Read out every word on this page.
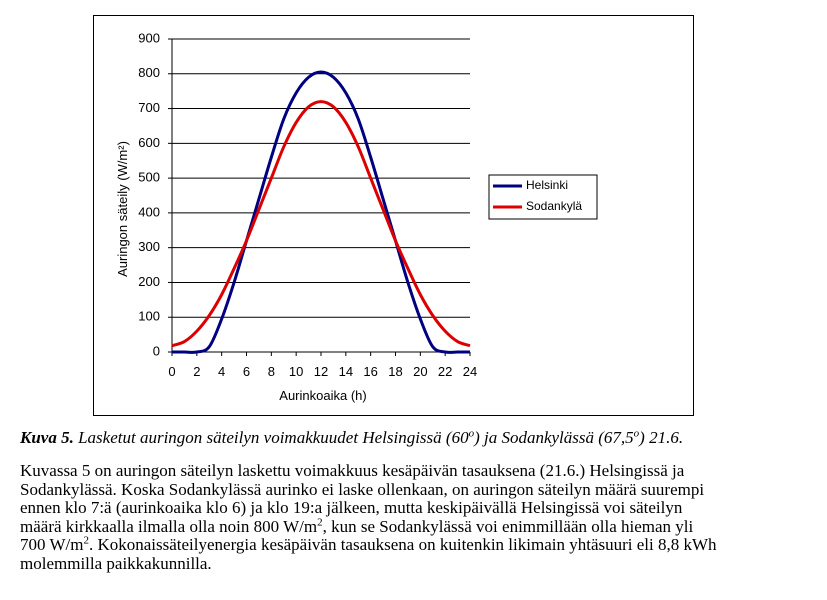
0
100
200
300
400
500
600
700
800
900
0 2 4 6 8 10 12 14 16 18 20 22 24
Auringon säteily (W/m²)
Aurinkoaika (h)
Helsinki
Sodankylä
Kuva 5. Lasketut auringon säteilyn voimakkuudet Helsingissä (60$^o$) ja Sodankylässä (67,5$^o$) 21.6.
Kuvassa 5 on auringon säteilyn laskettu voimakkuus kesäpäivän tasauksena (21.6.) Helsingissä ja
Sodankylässä. Koska Sodankylässä aurinko ei laske ollenkaan, on auringon säteilyn määrä suurempi
ennen klo 7:ä (aurinkoaika klo 6) ja klo 19:a jälkeen, mutta keskipäivällä Helsingissä voi säteilyn
määrä kirkkaalla ilmalla olla noin 800 $W/m^2$, kun se Sodankylässä voi enimmillään olla hieman yli
700 $W/m^2$. Kokonaissäteilyenergia kesäpäivän tasauksena on kuitenkin likimain yhtäsuuri eli 8,8 kWh
molemmilla paikkakunnilla.
